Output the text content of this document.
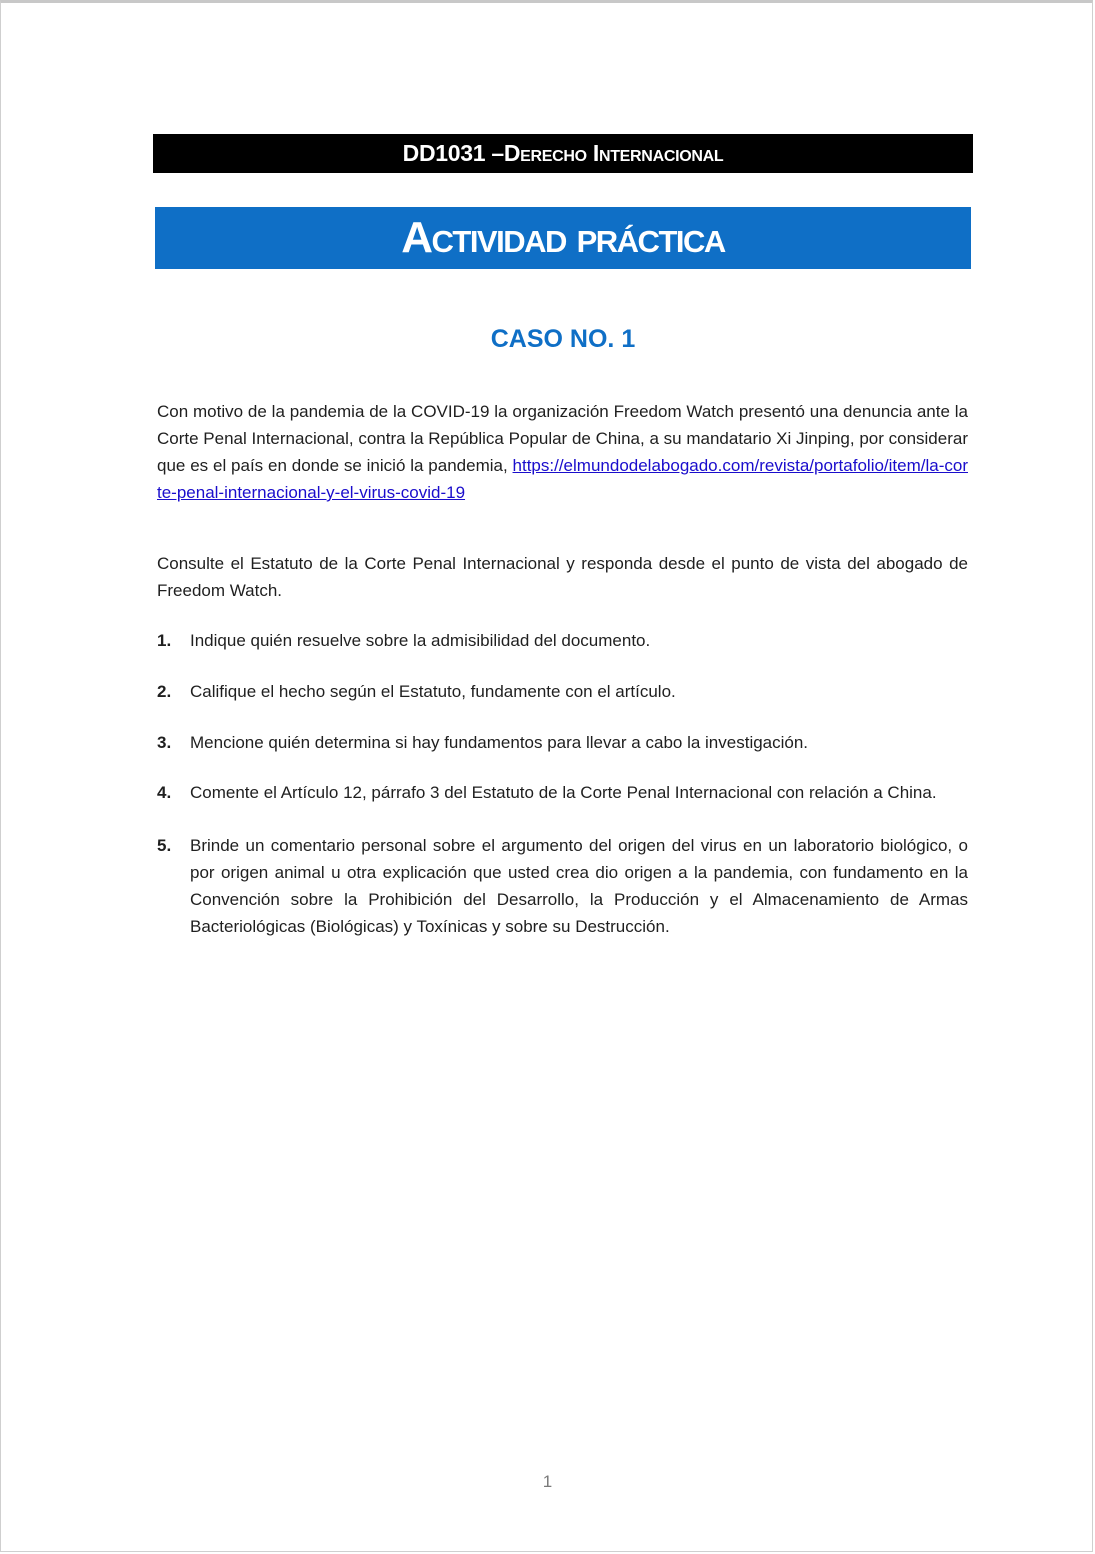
DD1031 – Derecho Internacional
Actividad práctica
CASO NO. 1

Con motivo de la pandemia de la COVID-19 la organización Freedom Watch presentó una denuncia ante la Corte Penal Internacional, contra la República Popular de China, a su mandatario Xi Jinping, por considerar que es el país en donde se inició la pandemia, https://elmundodelabogado.com/revista/portafolio/item/la-corte-penal-internacional-y-el-virus-covid-19

Consulte el Estatuto de la Corte Penal Internacional y responda desde el punto de vista del abogado de Freedom Watch.

1.	Indique quién resuelve sobre la admisibilidad del documento.
2.	Califique el hecho según el Estatuto, fundamente con el artículo.
3.	Mencione quién determina si hay fundamentos para llevar a cabo la investigación.
4.	Comente el Artículo 12, párrafo 3 del Estatuto de la Corte Penal Internacional con relación a China.
5.	Brinde un comentario personal sobre el argumento del origen del virus en un laboratorio biológico, o por origen animal u otra explicación que usted crea dio origen a la pandemia, con fundamento en la Convención sobre la Prohibición del Desarrollo, la Producción y el Almacenamiento de Armas Bacteriológicas (Biológicas) y Toxínicas y sobre su Destrucción.
1
